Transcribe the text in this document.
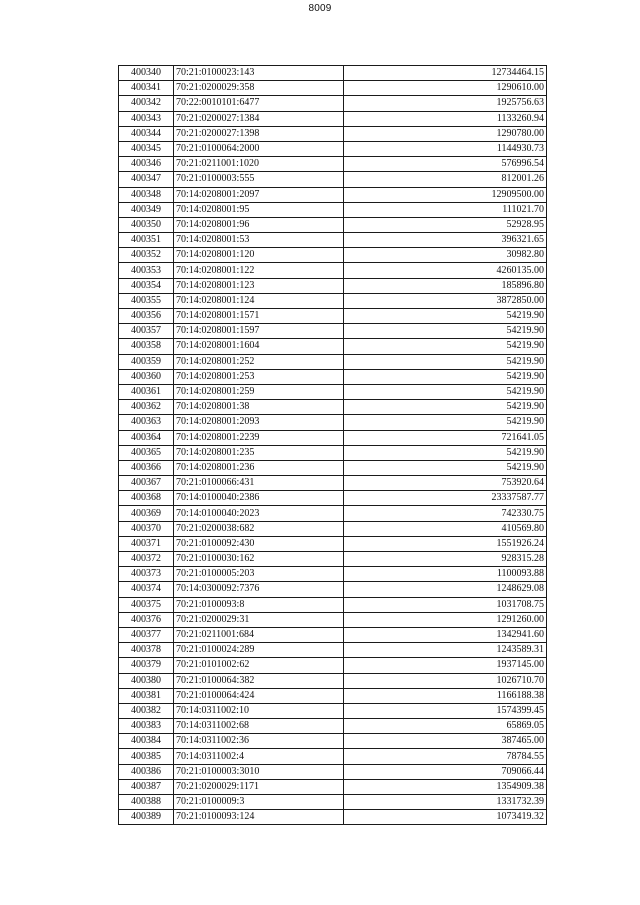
8009
400340	70:21:0100023:143	12734464.15
400341	70:21:0200029:358	1290610.00
400342	70:22:0010101:6477	1925756.63
400343	70:21:0200027:1384	1133260.94
400344	70:21:0200027:1398	1290780.00
400345	70:21:0100064:2000	1144930.73
400346	70:21:0211001:1020	576996.54
400347	70:21:0100003:555	812001.26
400348	70:14:0208001:2097	12909500.00
400349	70:14:0208001:95	111021.70
400350	70:14:0208001:96	52928.95
400351	70:14:0208001:53	396321.65
400352	70:14:0208001:120	30982.80
400353	70:14:0208001:122	4260135.00
400354	70:14:0208001:123	185896.80
400355	70:14:0208001:124	3872850.00
400356	70:14:0208001:1571	54219.90
400357	70:14:0208001:1597	54219.90
400358	70:14:0208001:1604	54219.90
400359	70:14:0208001:252	54219.90
400360	70:14:0208001:253	54219.90
400361	70:14:0208001:259	54219.90
400362	70:14:0208001:38	54219.90
400363	70:14:0208001:2093	54219.90
400364	70:14:0208001:2239	721641.05
400365	70:14:0208001:235	54219.90
400366	70:14:0208001:236	54219.90
400367	70:21:0100066:431	753920.64
400368	70:14:0100040:2386	23337587.77
400369	70:14:0100040:2023	742330.75
400370	70:21:0200038:682	410569.80
400371	70:21:0100092:430	1551926.24
400372	70:21:0100030:162	928315.28
400373	70:21:0100005:203	1100093.88
400374	70:14:0300092:7376	1248629.08
400375	70:21:0100093:8	1031708.75
400376	70:21:0200029:31	1291260.00
400377	70:21:0211001:684	1342941.60
400378	70:21:0100024:289	1243589.31
400379	70:21:0101002:62	1937145.00
400380	70:21:0100064:382	1026710.70
400381	70:21:0100064:424	1166188.38
400382	70:14:0311002:10	1574399.45
400383	70:14:0311002:68	65869.05
400384	70:14:0311002:36	387465.00
400385	70:14:0311002:4	78784.55
400386	70:21:0100003:3010	709066.44
400387	70:21:0200029:1171	1354909.38
400388	70:21:0100009:3	1331732.39
400389	70:21:0100093:124	1073419.32
